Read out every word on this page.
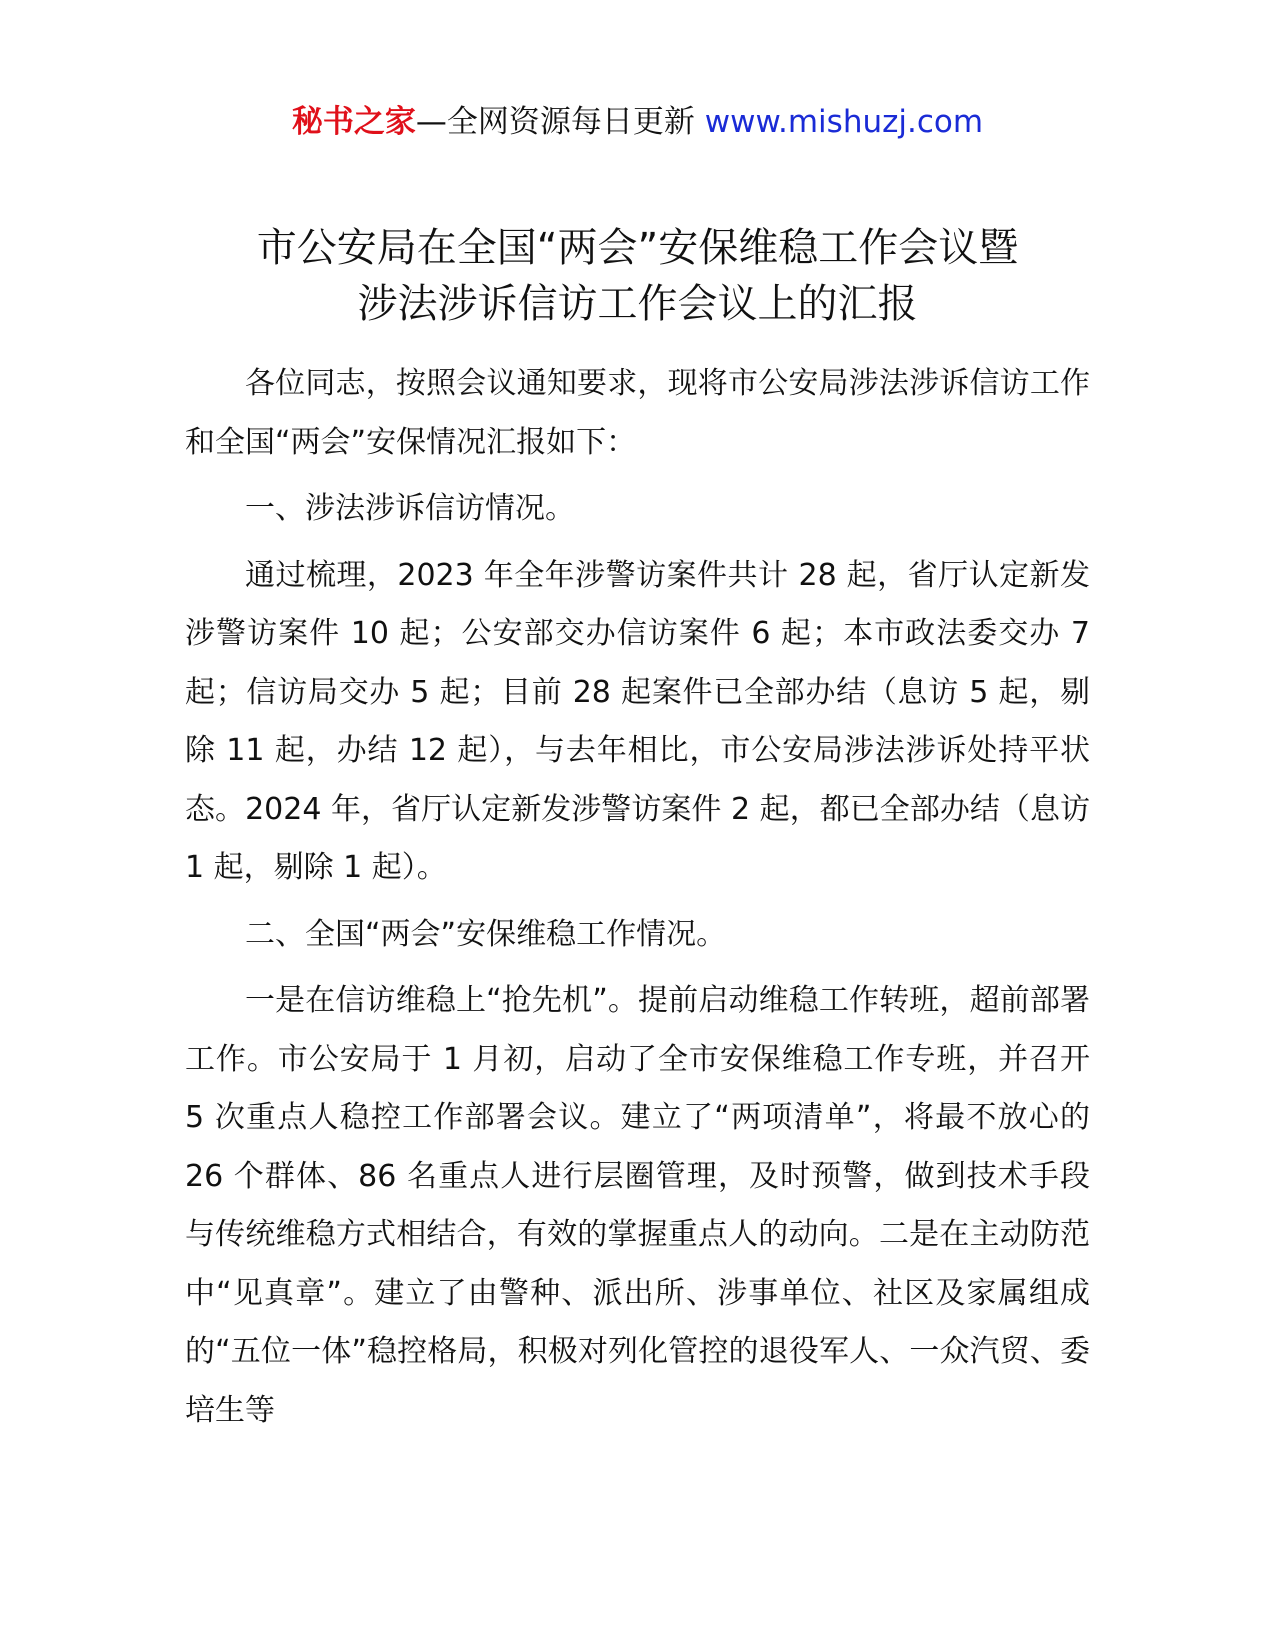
秘书之家—全网资源每日更新 www.mishuzj.com
市公安局在全国“两会”安保维稳工作会议暨
涉法涉诉信访工作会议上的汇报

各位同志，按照会议通知要求，现将市公安局涉法涉诉信访工作和全国“两会”安保情况汇报如下：

一、涉法涉诉信访情况。

通过梳理，2023 年全年涉警访案件共计 28 起，省厅认定新发涉警访案件 10 起；公安部交办信访案件 6 起；本市政法委交办 7 起；信访局交办 5 起；目前 28 起案件已全部办结（息访 5 起，剔除 11 起，办结 12 起），与去年相比，市公安局涉法涉诉处持平状态。2024 年，省厅认定新发涉警访案件 2 起，都已全部办结（息访 1 起，剔除 1 起）。

二、全国“两会”安保维稳工作情况。

一是在信访维稳上“抢先机”。提前启动维稳工作转班，超前部署工作。市公安局于 1 月初，启动了全市安保维稳工作专班，并召开 5 次重点人稳控工作部署会议。建立了“两项清单”，将最不放心的 26 个群体、86 名重点人进行层圈管理，及时预警，做到技术手段与传统维稳方式相结合，有效的掌握重点人的动向。二是在主动防范中“见真章”。建立了由警种、派出所、涉事单位、社区及家属组成的“五位一体”稳控格局，积极对列化管控的退役军人、一众汽贸、委培生等
